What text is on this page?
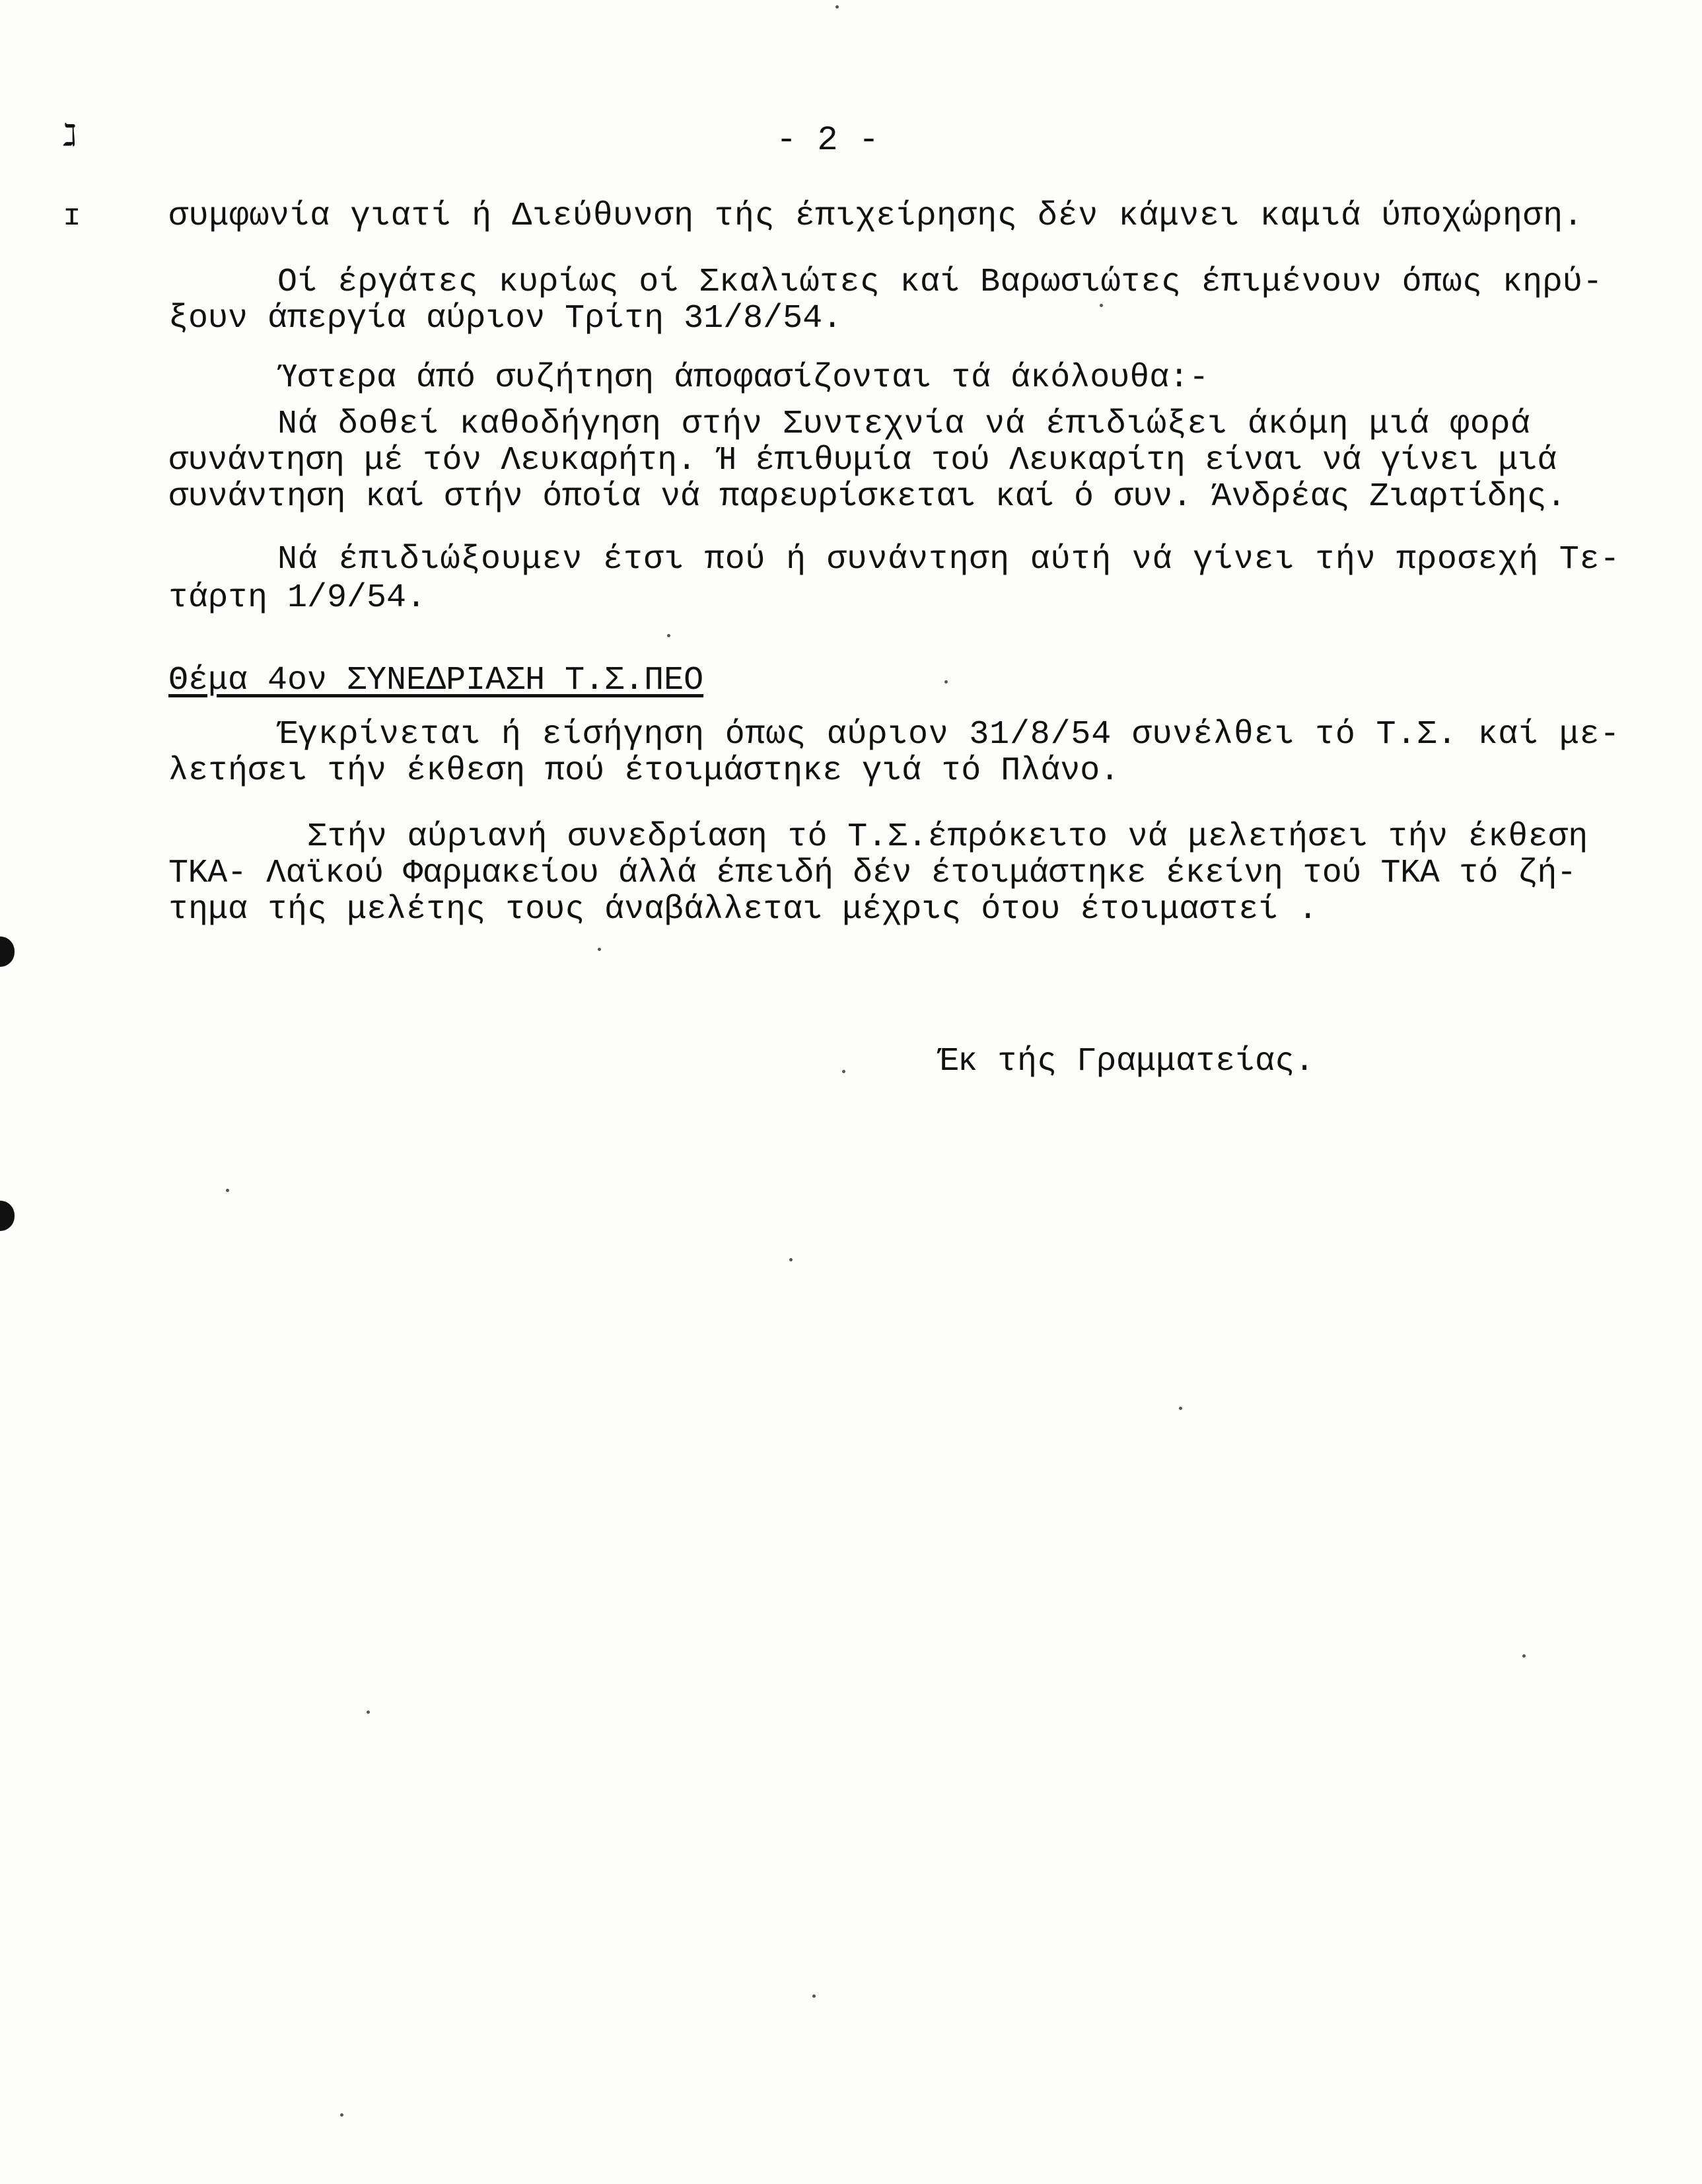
ℷ
ɪ
- 2 -
συμφωνία γιατί ή Διεύθυνση τής έπιχείρησης δέν κάμνει καμιά ύποχώρηση.
Οί έργάτες κυρίως οί Σκαλιώτες καί Βαρωσιώτες έπιμένουν όπως κηρύ-
ξουν άπεργία αύριον Τρίτη 31/8/54.
Ύστερα άπό συζήτηση άποφασίζονται τά άκόλουθα:-
Νά δοθεί καθοδήγηση στήν Συντεχνία νά έπιδιώξει άκόμη μιά φορά
συνάντηση μέ τόν Λευκαρήτη. Ή έπιθυμία τού Λευκαρίτη είναι νά γίνει μιά
συνάντηση καί στήν όποία νά παρευρίσκεται καί ό συν. Άνδρέας Ζιαρτίδης.
Νά έπιδιώξουμεν έτσι πού ή συνάντηση αύτή νά γίνει τήν προσεχή Τε-
τάρτη 1/9/54.
Θέμα 4ον ΣΥΝΕΔΡΙΑΣΗ Τ.Σ.ΠΕΟ
Έγκρίνεται ή είσήγηση όπως αύριον 31/8/54 συνέλθει τό Τ.Σ. καί με-
λετήσει τήν έκθεση πού έτοιμάστηκε γιά τό Πλάνο.
Στήν αύριανή συνεδρίαση τό Τ.Σ.έπρόκειτο νά μελετήσει τήν έκθεση
ΤΚΑ- Λαϊκού Φαρμακείου άλλά έπειδή δέν έτοιμάστηκε έκείνη τού ΤΚΑ τό ζή-
τημα τής μελέτης τους άναβάλλεται μέχρις ότου έτοιμαστεί .
Έκ τής Γραμματείας.
